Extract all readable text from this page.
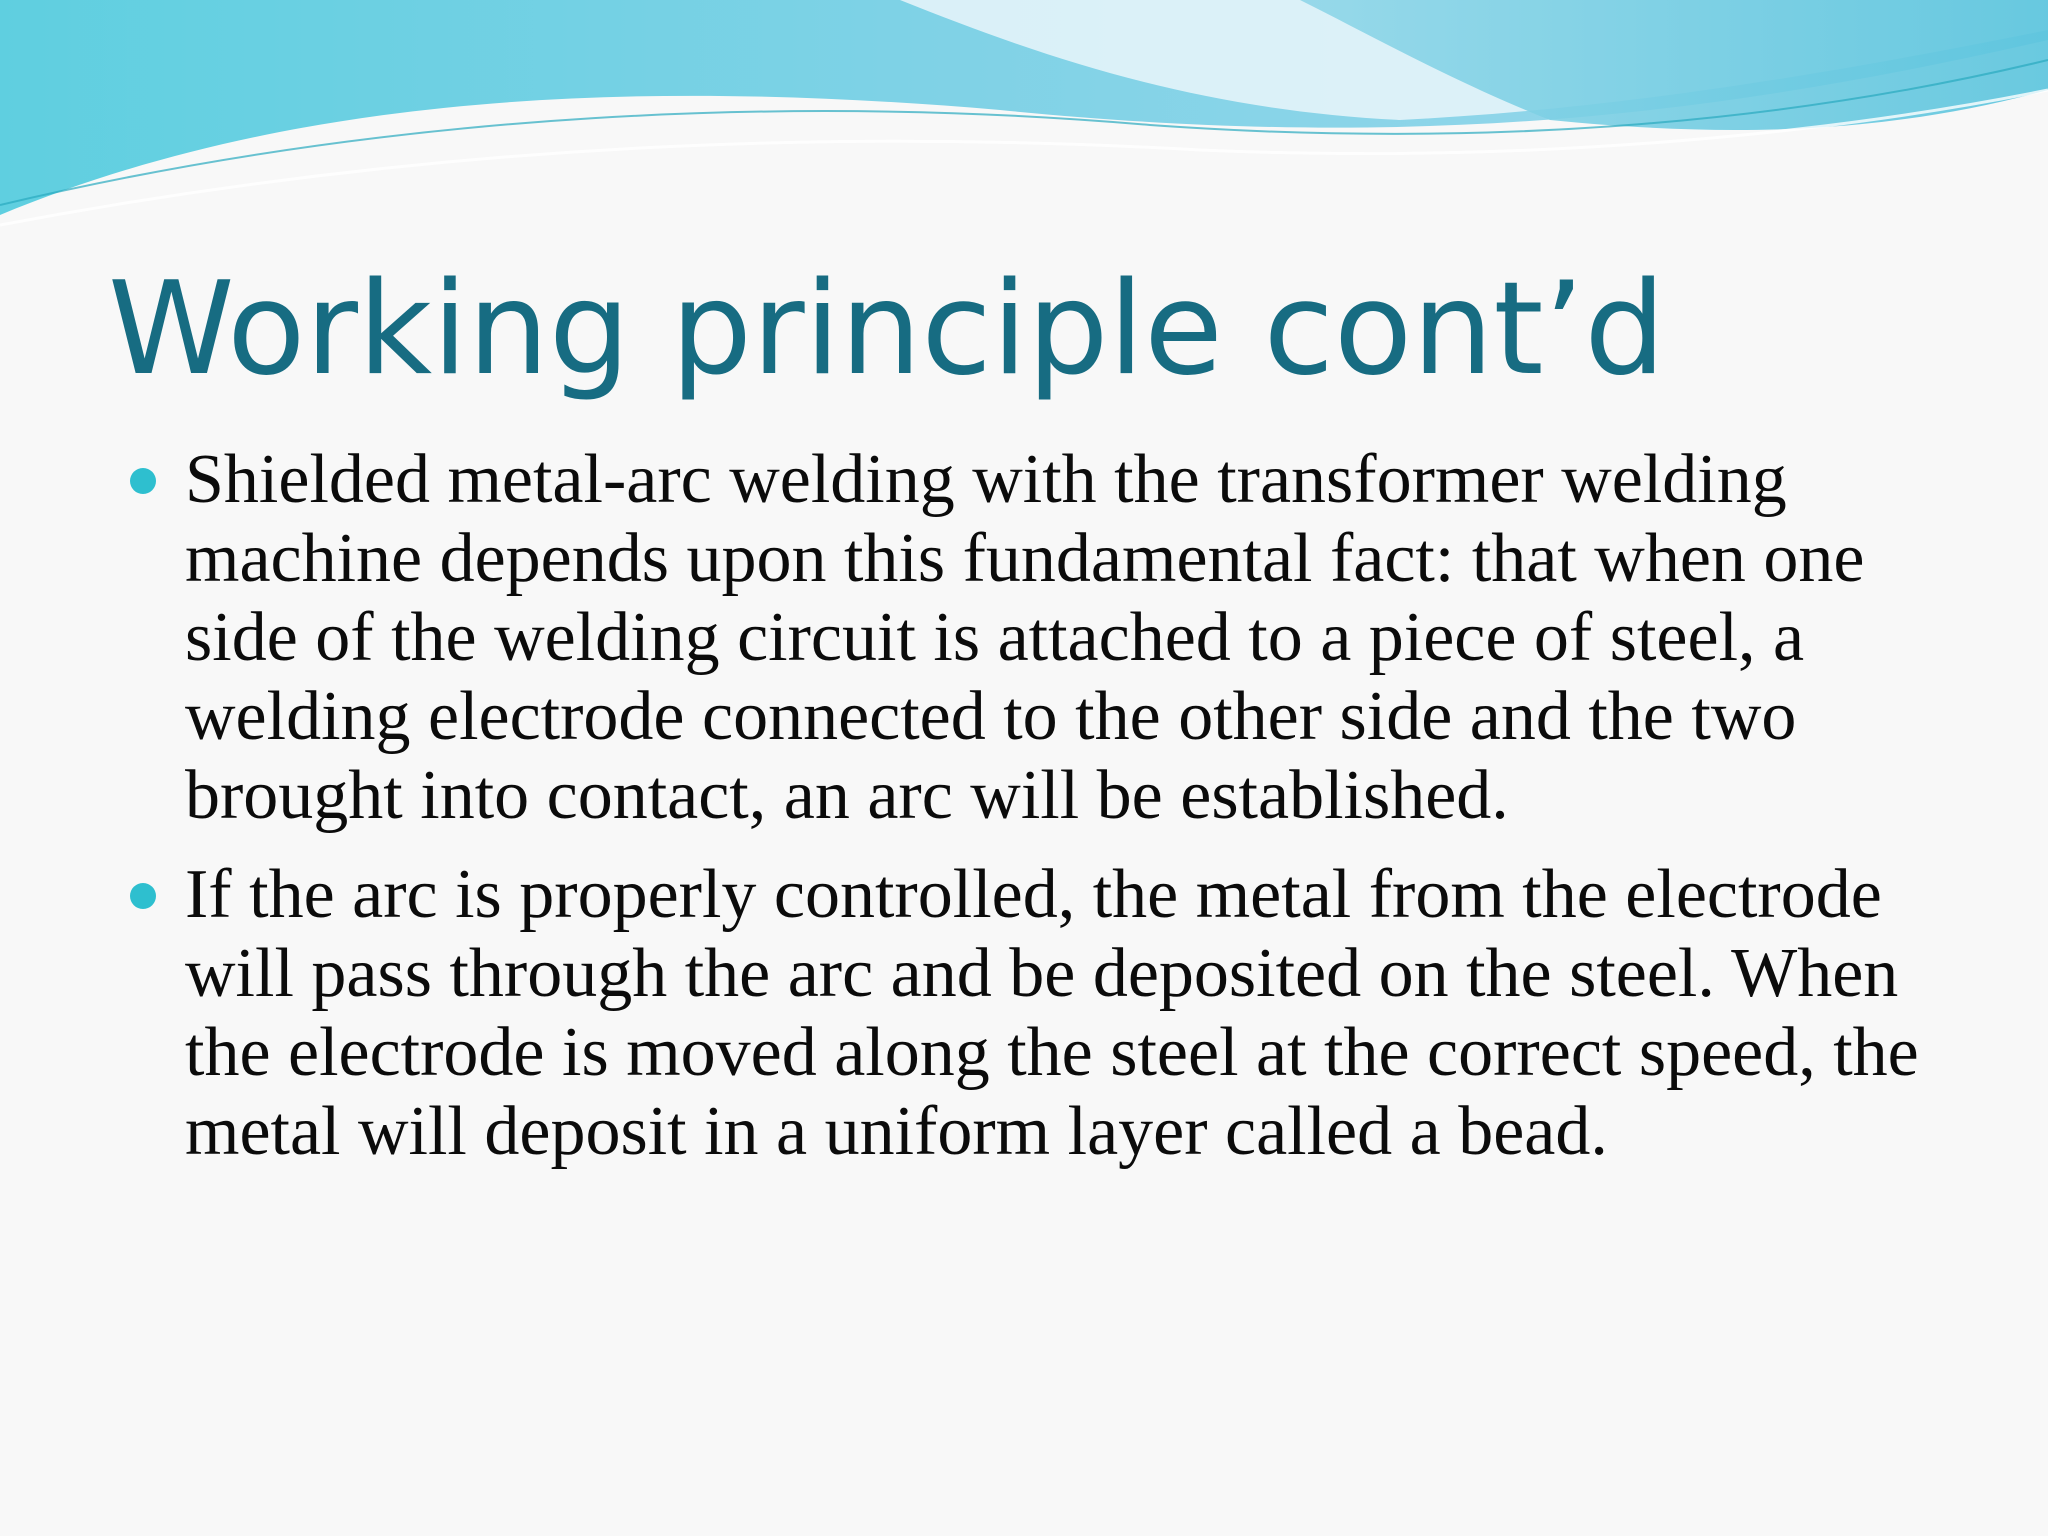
Working principle cont’d
Shielded metal-arc welding with the transformer welding machine depends upon this fundamental fact: that when one side of the welding circuit is attached to a piece of steel, a welding electrode connected to the other side and the two brought into contact, an arc will be established.
If the arc is properly controlled, the metal from the electrode will pass through the arc and be deposited on the steel. When the electrode is moved along the steel at the correct speed, the metal will deposit in a uniform layer called a bead.
